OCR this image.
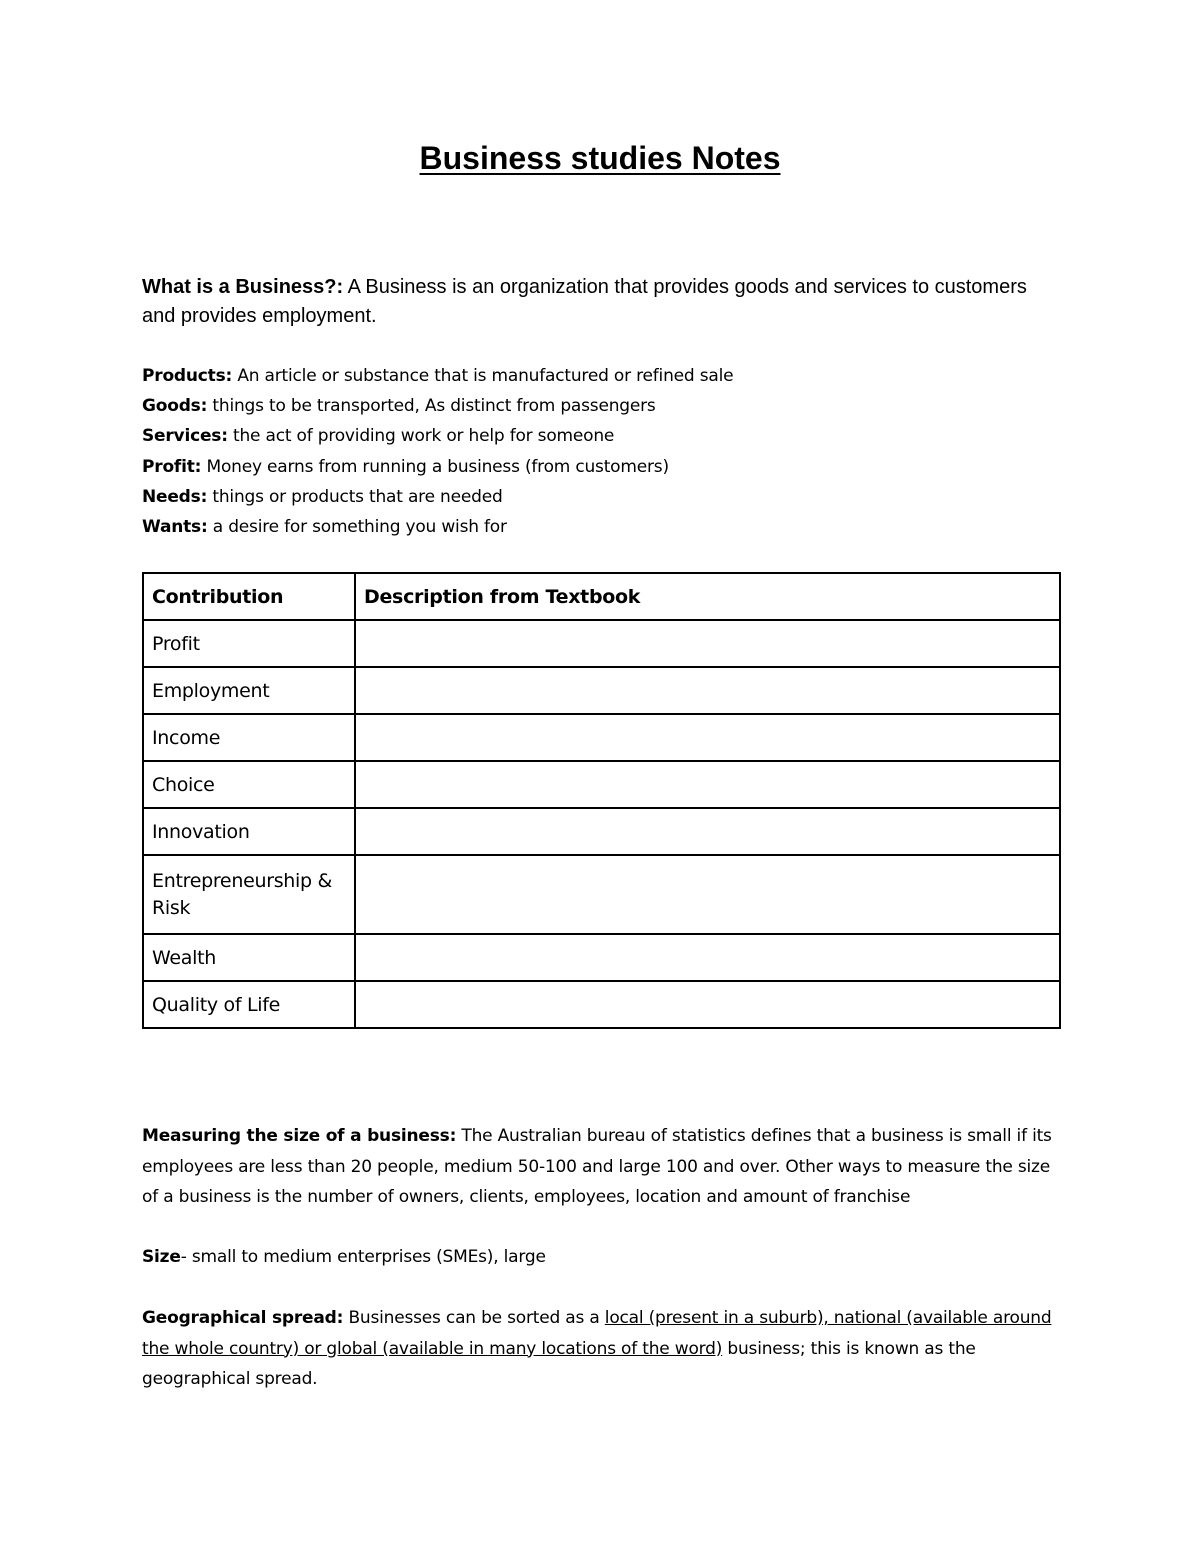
Business studies Notes
What is a Business?: A Business is an organization that provides goods and services to customers and provides employment.
Products: An article or substance that is manufactured or refined sale
Goods: things to be transported, As distinct from passengers
Services: the act of providing work or help for someone
Profit: Money earns from running a business (from customers)
Needs: things or products that are needed
Wants: a desire for something you wish for
Contribution	Description from Textbook
Profit	
Employment	
Income	
Choice	
Innovation	
Entrepreneurship & Risk	
Wealth	
Quality of Life	
Measuring the size of a business: The Australian bureau of statistics defines that a business is small if its employees are less than 20 people, medium 50-100 and large 100 and over. Other ways to measure the size of a business is the number of owners, clients, employees, location and amount of franchise
Size- small to medium enterprises (SMEs), large
Geographical spread: Businesses can be sorted as a local (present in a suburb), national (available around the whole country) or global (available in many locations of the word) business; this is known as the geographical spread.
